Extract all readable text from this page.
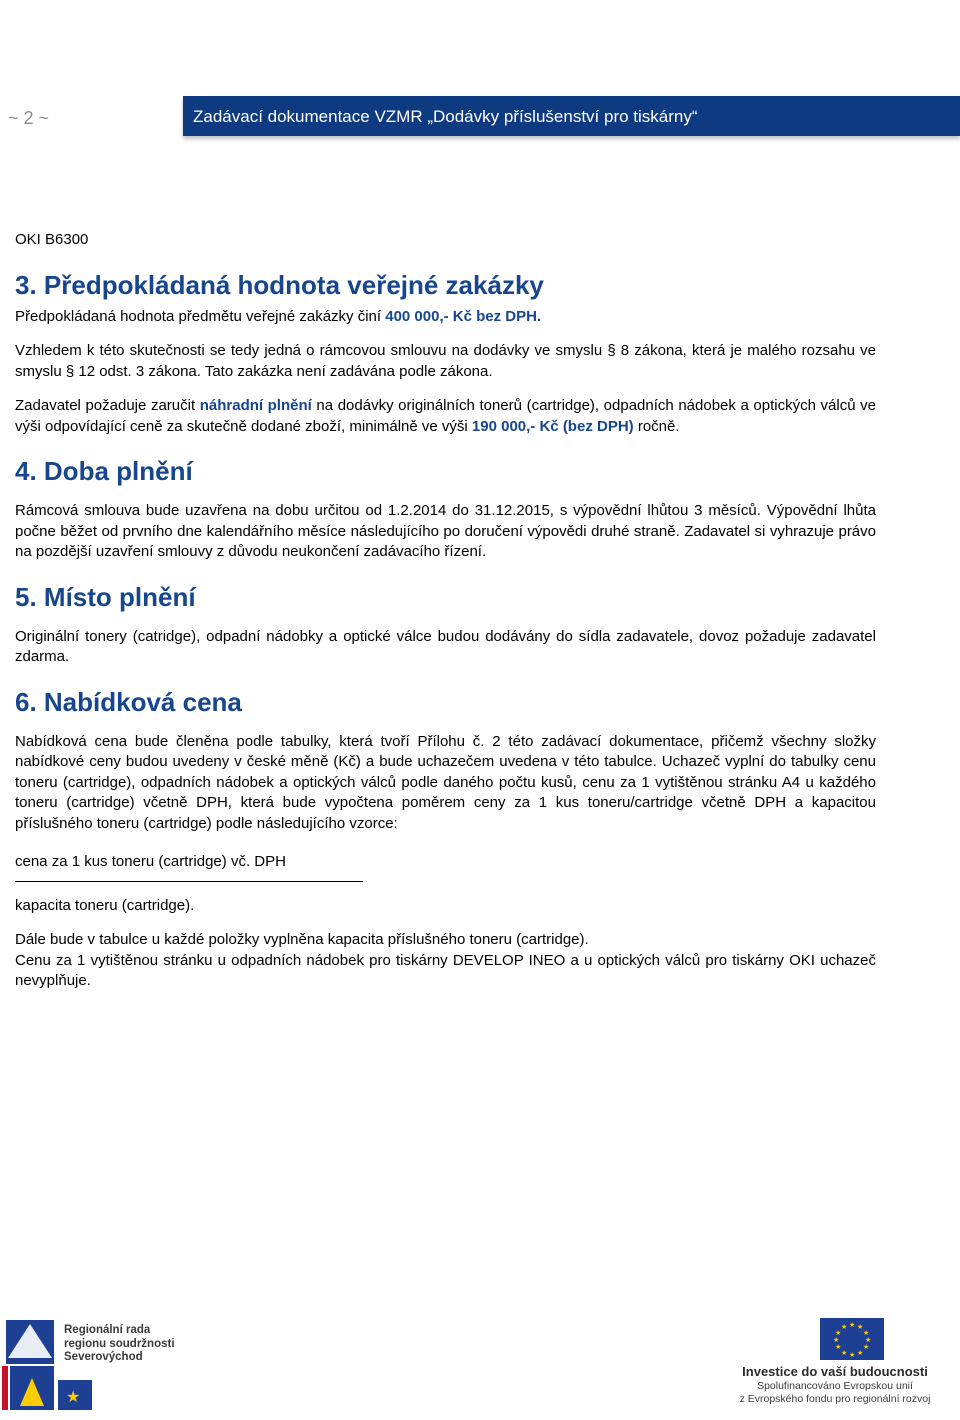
~ 2 ~	Zadávací dokumentace VZMR „Dodávky příslušenství pro tiskárny“

OKI B6300

3. Předpokládaná hodnota veřejné zakázky

Předpokládaná hodnota předmětu veřejné zakázky činí 400 000,- Kč bez DPH.

Vzhledem k této skutečnosti se tedy jedná o rámcovou smlouvu na dodávky ve smyslu § 8 zákona, která je malého rozsahu ve smyslu § 12 odst. 3 zákona. Tato zakázka není zadávána podle zákona.

Zadavatel požaduje zaručit náhradní plnění na dodávky originálních tonerů (cartridge), odpadních nádobek a optických válců ve výši odpovídající ceně za skutečně dodané zboží, minimálně ve výši 190 000,- Kč (bez DPH) ročně.

4. Doba plnění

Rámcová smlouva bude uzavřena na dobu určitou od 1.2.2014 do 31.12.2015, s výpovědní lhůtou 3 měsíců. Výpovědní lhůta počne běžet od prvního dne kalendářního měsíce následujícího po doručení výpovědi druhé straně. Zadavatel si vyhrazuje právo na pozdější uzavření smlouvy z důvodu neukončení zadávacího řízení.

5. Místo plnění

Originální tonery (catridge), odpadní nádobky a optické válce budou dodávány do sídla zadavatele, dovoz požaduje zadavatel zdarma.

6. Nabídková cena

Nabídková cena bude členěna podle tabulky, která tvoří Přílohu č. 2 této zadávací dokumentace, přičemž všechny složky nabídkové ceny budou uvedeny v české měně (Kč) a bude uchazečem uvedena v této tabulce. Uchazeč vyplní do tabulky cenu toneru (cartridge), odpadních nádobek a optických válců podle daného počtu kusů, cenu za 1 vytištěnou stránku A4 u každého toneru (cartridge) včetně DPH, která bude vypočtena poměrem ceny za 1 kus toneru/cartridge včetně DPH a kapacitou příslušného toneru (cartridge) podle následujícího vzorce:

cena za 1 kus toneru (cartridge) vč. DPH

kapacita toneru (cartridge).

Dále bude v tabulce u každé položky vyplněna kapacita příslušného toneru (cartridge).

Cenu za 1 vytištěnou stránku u odpadních nádobek pro tiskárny DEVELOP INEO a u optických válců pro tiskárny OKI uchazeč nevyplňuje.

★
Regionální rada
regionu soudržnosti
Severovýchod
★ ★
★
★
★
★
★
★
★
★
★
★
Investice do vaší budoucnosti
Spolufinancováno Evropskou unií
z Evropského fondu pro regionální rozvoj
